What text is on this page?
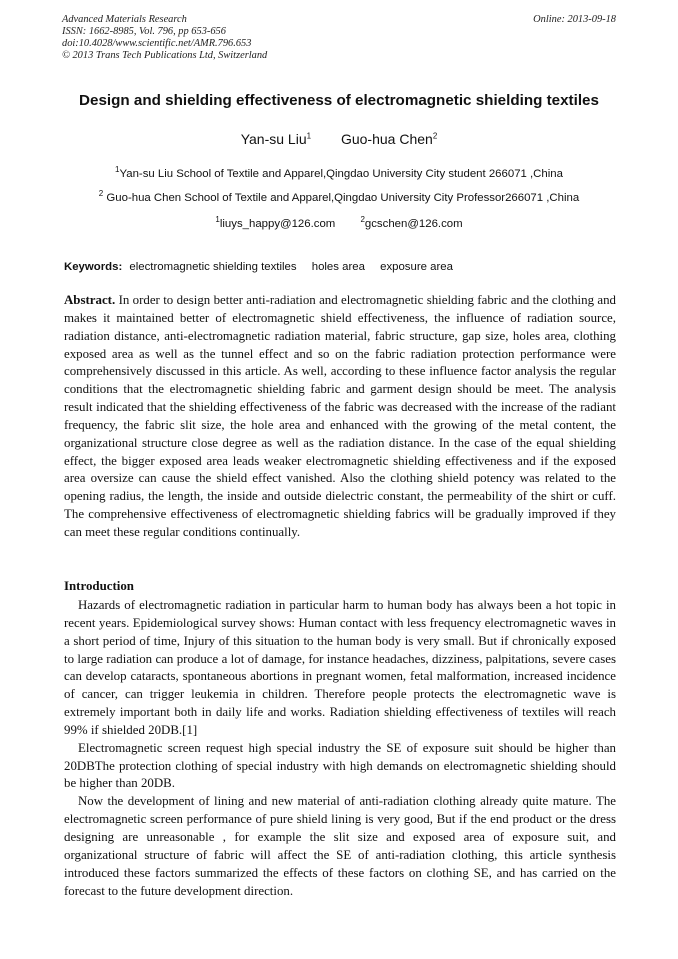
Advanced Materials Research
ISSN: 1662-8985, Vol. 796, pp 653-656
doi:10.4028/www.scientific.net/AMR.796.653
© 2013 Trans Tech Publications Ltd, Switzerland
Online: 2013-09-18
Design and shielding effectiveness of electromagnetic shielding textiles
Yan-su Liu$^1$ Guo-hua Chen$^2$
$^1$Yan-su Liu School of Textile and Apparel,Qingdao University City student 266071 ,China
$^2$ Guo-hua Chen School of Textile and Apparel,Qingdao University City Professor266071 ,China
$^1$liuys_happy@126.com	$^2$gcschen@126.com
Keywords: electromagnetic shielding textiles holes area exposure area
Abstract. In order to design better anti-radiation and electromagnetic shielding fabric and the clothing and makes it maintained better of electromagnetic shield effectiveness, the influence of radiation source, radiation distance, anti-electromagnetic radiation material, fabric structure, gap size, holes area, clothing exposed area as well as the tunnel effect and so on the fabric radiation protection performance were comprehensively discussed in this article. As well, according to these influence factor analysis the regular conditions that the electromagnetic shielding fabric and garment design should be meet. The analysis result indicated that the shielding effectiveness of the fabric was decreased with the increase of the radiant frequency, the fabric slit size, the hole area and enhanced with the growing of the metal content, the organizational structure close degree as well as the radiation distance. In the case of the equal shielding effect, the bigger exposed area leads weaker electromagnetic shielding effectiveness and if the exposed area oversize can cause the shield effect vanished. Also the clothing shield potency was related to the opening radius, the length, the inside and outside dielectric constant, the permeability of the shirt or cuff. The comprehensive effectiveness of electromagnetic shielding fabrics will be gradually improved if they can meet these regular conditions continually.
Introduction

Hazards of electromagnetic radiation in particular harm to human body has always been a hot topic in recent years. Epidemiological survey shows: Human contact with less frequency electromagnetic waves in a short period of time, Injury of this situation to the human body is very small. But if chronically exposed to large radiation can produce a lot of damage, for instance headaches, dizziness, palpitations, severe cases can develop cataracts, spontaneous abortions in pregnant women, fetal malformation, increased incidence of cancer, can trigger leukemia in children. Therefore people protects the electromagnetic wave is extremely important both in daily life and works. Radiation shielding effectiveness of textiles will reach 99% if shielded 20DB.[1]

Electromagnetic screen request high special industry the SE of exposure suit should be higher than 20DBThe protection clothing of special industry with high demands on electromagnetic shielding should be higher than 20DB.

Now the development of lining and new material of anti-radiation clothing already quite mature. The electromagnetic screen performance of pure shield lining is very good, But if the end product or the dress designing are unreasonable , for example the slit size and exposed area of exposure suit, and organizational structure of fabric will affect the SE of anti-radiation clothing, this article synthesis introduced these factors summarized the effects of these factors on clothing SE, and has carried on the forecast to the future development direction.
